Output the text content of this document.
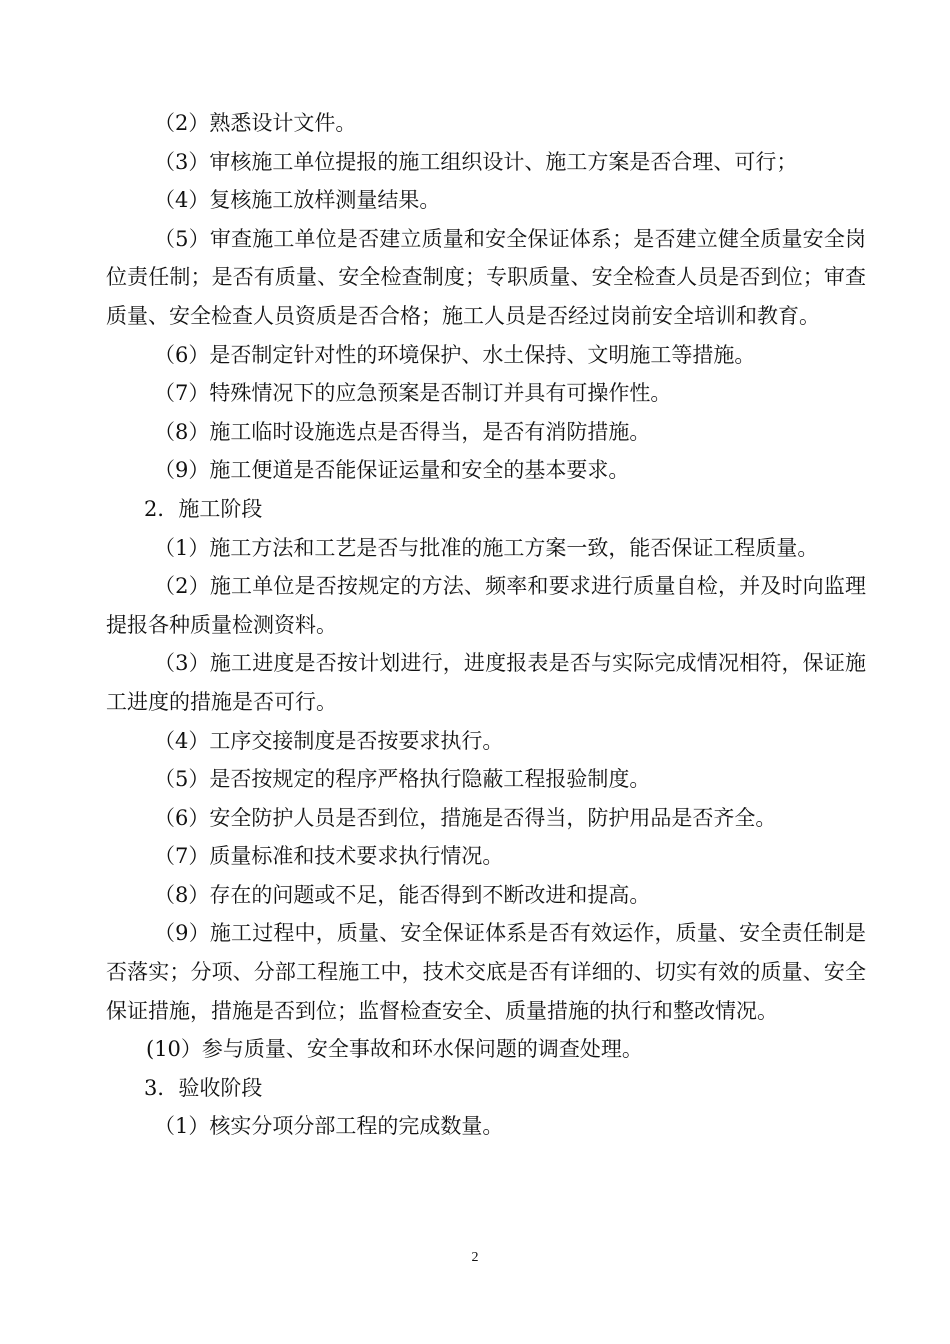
（2）熟悉设计文件。

（3）审核施工单位提报的施工组织设计、施工方案是否合理、可行；

（4）复核施工放样测量结果。

（5）审查施工单位是否建立质量和安全保证体系；是否建立健全质量安全岗位责任制；是否有质量、安全检查制度；专职质量、安全检查人员是否到位；审查质量、安全检查人员资质是否合格；施工人员是否经过岗前安全培训和教育。

（6）是否制定针对性的环境保护、水土保持、文明施工等措施。

（7）特殊情况下的应急预案是否制订并具有可操作性。

（8）施工临时设施选点是否得当，是否有消防措施。

（9）施工便道是否能保证运量和安全的基本要求。

2．施工阶段

（1）施工方法和工艺是否与批准的施工方案一致，能否保证工程质量。

（2）施工单位是否按规定的方法、频率和要求进行质量自检，并及时向监理提报各种质量检测资料。

（3）施工进度是否按计划进行，进度报表是否与实际完成情况相符，保证施工进度的措施是否可行。

（4）工序交接制度是否按要求执行。

（5）是否按规定的程序严格执行隐蔽工程报验制度。

（6）安全防护人员是否到位，措施是否得当，防护用品是否齐全。

（7）质量标准和技术要求执行情况。

（8）存在的问题或不足，能否得到不断改进和提高。

（9）施工过程中，质量、安全保证体系是否有效运作，质量、安全责任制是否落实；分项、分部工程施工中，技术交底是否有详细的、切实有效的质量、安全保证措施，措施是否到位；监督检查安全、质量措施的执行和整改情况。

(10）参与质量、安全事故和环水保问题的调查处理。

3．验收阶段

（1）核实分项分部工程的完成数量。

2
